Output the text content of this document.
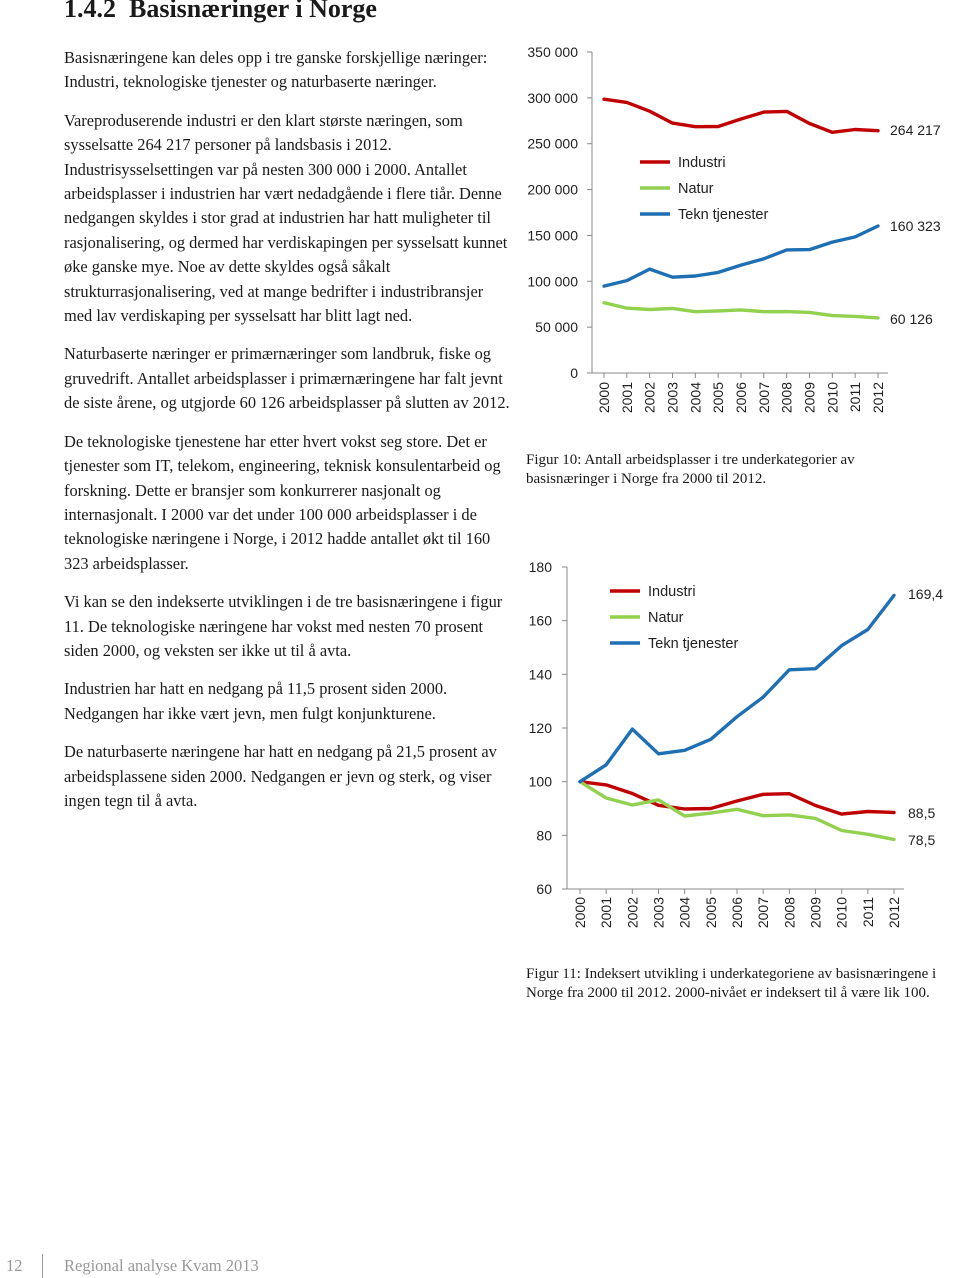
1.4.2 Basisnæringer i Norge

Basisnæringene kan deles opp i tre ganske forskjellige næringer: Industri, teknologiske tjenester og naturbaserte næringer.

Vareproduserende industri er den klart største næringen, som sysselsatte 264 217 personer på landsbasis i 2012. Industrisysselsettingen var på nesten 300 000 i 2000. Antallet arbeidsplasser i industrien har vært nedadgående i flere tiår. Denne nedgangen skyldes i stor grad at industrien har hatt muligheter til rasjonalisering, og dermed har verdiskapingen per sysselsatt kunnet øke ganske mye. Noe av dette skyldes også såkalt strukturrasjonalisering, ved at mange bedrifter i industribransjer med lav verdiskaping per sysselsatt har blitt lagt ned.

Naturbaserte næringer er primærnæringer som landbruk, fiske og gruvedrift. Antallet arbeidsplasser i primærnæringene har falt jevnt de siste årene, og utgjorde 60 126 arbeidsplasser på slutten av 2012.

De teknologiske tjenestene har etter hvert vokst seg store. Det er tjenester som IT, telekom, engineering, teknisk konsulentarbeid og forskning. Dette er bransjer som konkurrerer nasjonalt og internasjonalt. I 2000 var det under 100 000 arbeidsplasser i de teknologiske næringene i Norge, i 2012 hadde antallet økt til 160 323 arbeidsplasser.

Vi kan se den indekserte utviklingen i de tre basisnæringene i figur 11. De teknologiske næringene har vokst med nesten 70 prosent siden 2000, og veksten ser ikke ut til å avta.

Industrien har hatt en nedgang på 11,5 prosent siden 2000. Nedgangen har ikke vært jevn, men fulgt konjunkturene.

De naturbaserte næringene har hatt en nedgang på 21,5 prosent av arbeidsplassene siden 2000. Nedgangen er jevn og sterk, og viser ingen tegn til å avta.

0
50 000
100 000
150 000
200 000
250 000
300 000
350 000
2000 2001 2002 2003 2004 2005 2006 2007 2008 2009 2010 2011 2012
Industri
264 217
Natur
60 126
Tekn tjenester
160 323
60
80
100
120
140
160
180
2000 2001 2002 2003 2004 2005 2006 2007 2008 2009 2010 2011 2012
Industri
88,5
Natur
78,5
Tekn tjenester
169,4
Figur 10: Antall arbeidsplasser i tre underkategorier av basisnæringer i Norge fra 2000 til 2012.
Figur 11: Indeksert utvikling i underkategoriene av basisnæringene i Norge fra 2000 til 2012. 2000-nivået er indeksert til å være lik 100.
12	Regional analyse Kvam 2013
